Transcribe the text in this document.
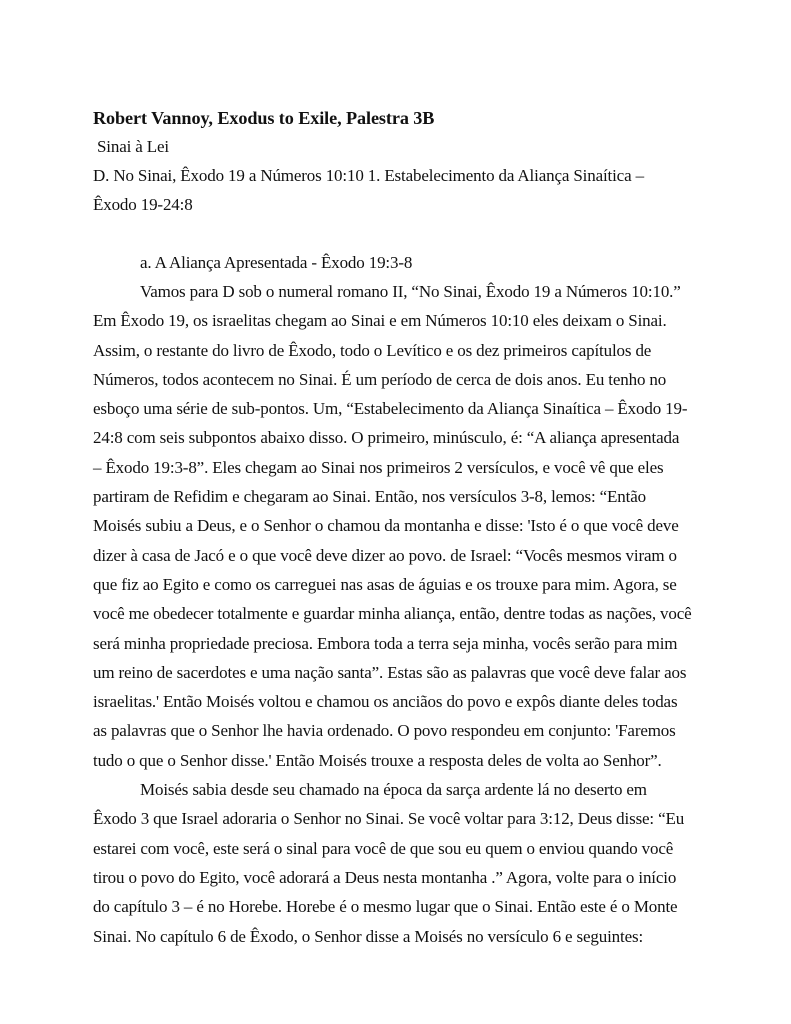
Robert Vannoy, Exodus to Exile, Palestra 3B

Sinai à Lei

D. No Sinai, Êxodo 19 a Números 10:10 1. Estabelecimento da Aliança Sinaítica –

Êxodo 19-24:8

a. A Aliança Apresentada - Êxodo 19:3-8

Vamos para D sob o numeral romano II, “No Sinai, Êxodo 19 a Números 10:10.”
Em Êxodo 19, os israelitas chegam ao Sinai e em Números 10:10 eles deixam o Sinai.
Assim, o restante do livro de Êxodo, todo o Levítico e os dez primeiros capítulos de
Números, todos acontecem no Sinai. É um período de cerca de dois anos. Eu tenho no
esboço uma série de sub-pontos. Um, “Estabelecimento da Aliança Sinaítica – Êxodo 19-
24:8 com seis subpontos abaixo disso. O primeiro, minúsculo, é: “A aliança apresentada
– Êxodo 19:3-8”. Eles chegam ao Sinai nos primeiros 2 versículos, e você vê que eles
partiram de Refidim e chegaram ao Sinai. Então, nos versículos 3-8, lemos: “Então
Moisés subiu a Deus, e o Senhor o chamou da montanha e disse: 'Isto é o que você deve
dizer à casa de Jacó e o que você deve dizer ao povo. de Israel: “Vocês mesmos viram o
que fiz ao Egito e como os carreguei nas asas de águias e os trouxe para mim. Agora, se
você me obedecer totalmente e guardar minha aliança, então, dentre todas as nações, você
será minha propriedade preciosa. Embora toda a terra seja minha, vocês serão para mim
um reino de sacerdotes e uma nação santa”. Estas são as palavras que você deve falar aos
israelitas.' Então Moisés voltou e chamou os anciãos do povo e expôs diante deles todas
as palavras que o Senhor lhe havia ordenado. O povo respondeu em conjunto: 'Faremos
tudo o que o Senhor disse.' Então Moisés trouxe a resposta deles de volta ao Senhor”.

Moisés sabia desde seu chamado na época da sarça ardente lá no deserto em
Êxodo 3 que Israel adoraria o Senhor no Sinai. Se você voltar para 3:12, Deus disse: “Eu
estarei com você, este será o sinal para você de que sou eu quem o enviou quando você
tirou o povo do Egito, você adorará a Deus nesta montanha .” Agora, volte para o início
do capítulo 3 – é no Horebe. Horebe é o mesmo lugar que o Sinai. Então este é o Monte
Sinai. No capítulo 6 de Êxodo, o Senhor disse a Moisés no versículo 6 e seguintes:
